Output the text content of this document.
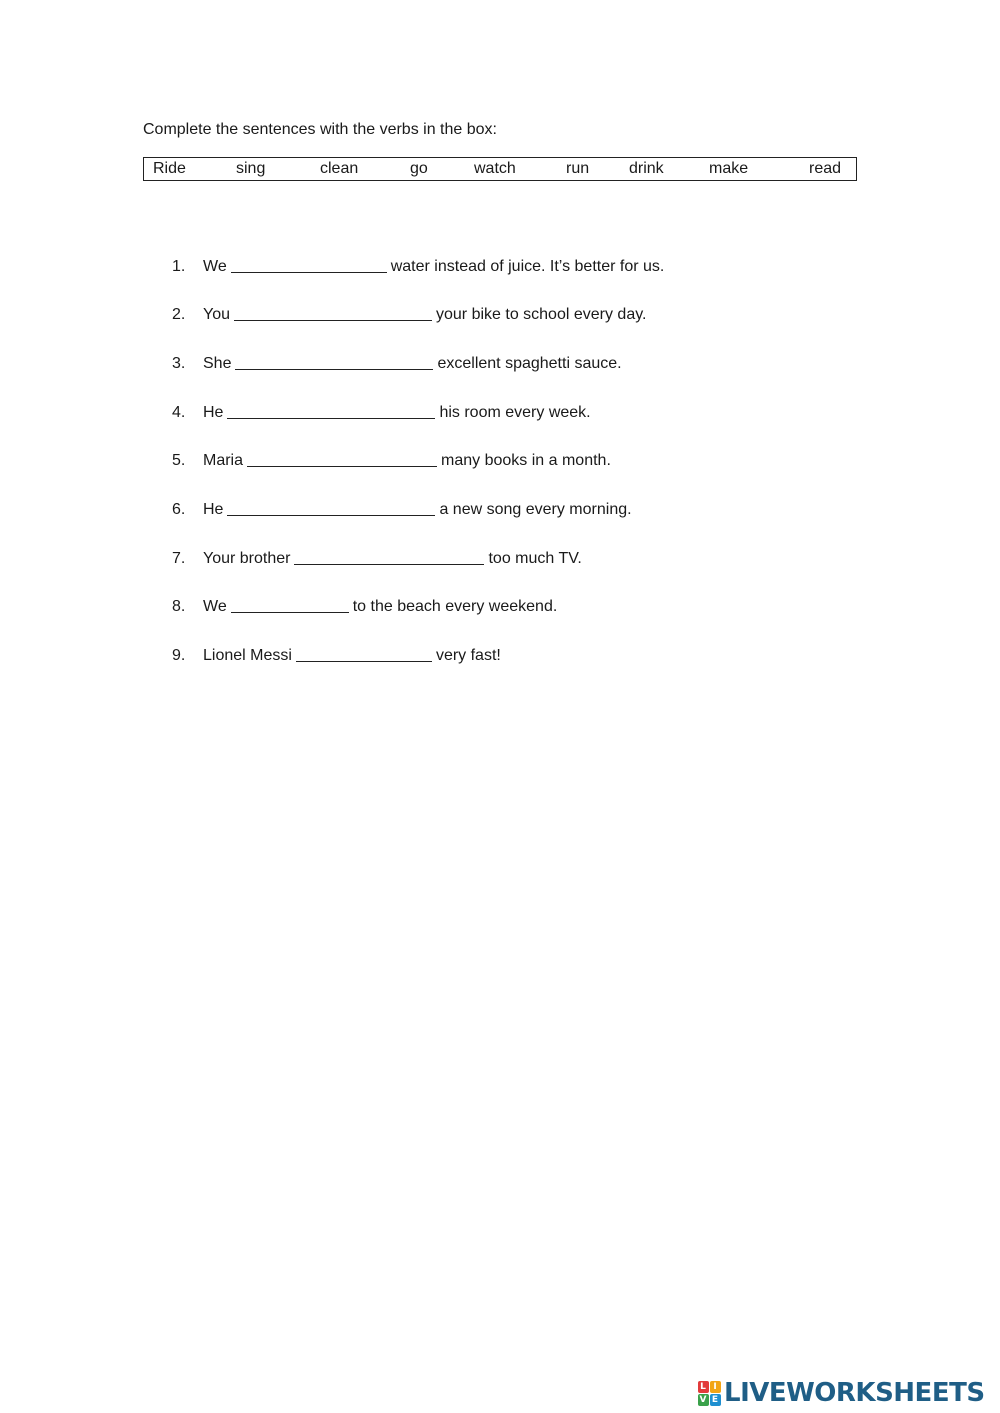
Complete the sentences with the verbs in the box:
Ride	sing	clean	go	watch	run drink	make	read
1. We	water instead of juice. It’s better for us.
2. You	your bike to school every day.
3. She	excellent spaghetti sauce.
4. He	his room every week.
5. Maria	many books in a month.
6. He	a new song every morning.
7. Your brother	too much TV.
8. We	to the beach every weekend.
9. Lionel Messi	very fast!
L I
V E LIVEWORKSHEETS
